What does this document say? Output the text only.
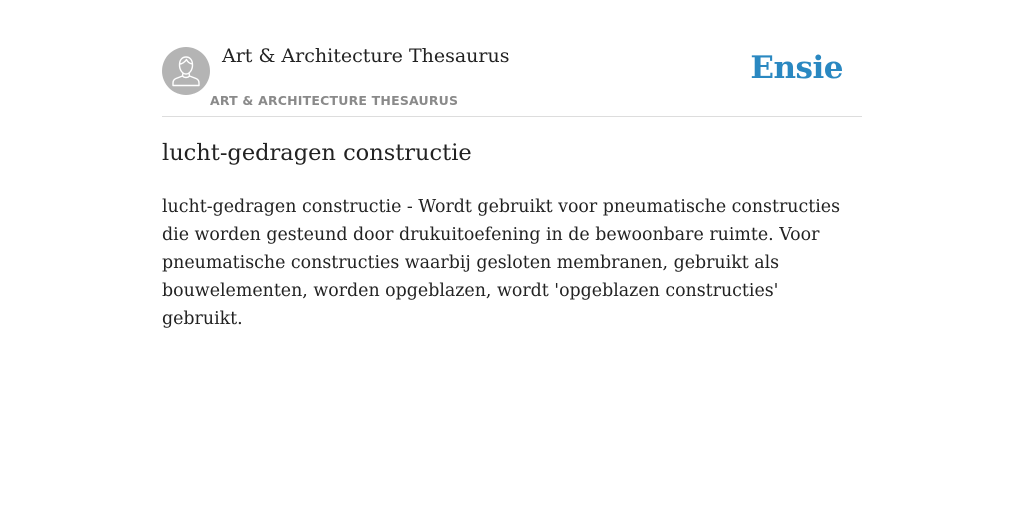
Art & Architecture Thesaurus
ART & ARCHITECTURE THESAURUS
Ensie
lucht-gedragen constructie

lucht-gedragen constructie - Wordt gebruikt voor pneumatische constructies die worden gesteund door drukuitoefening in de bewoonbare ruimte. Voor pneumatische constructies waarbij gesloten membranen, gebruikt als bouwelementen, worden opgeblazen, wordt 'opgeblazen constructies' gebruikt.
